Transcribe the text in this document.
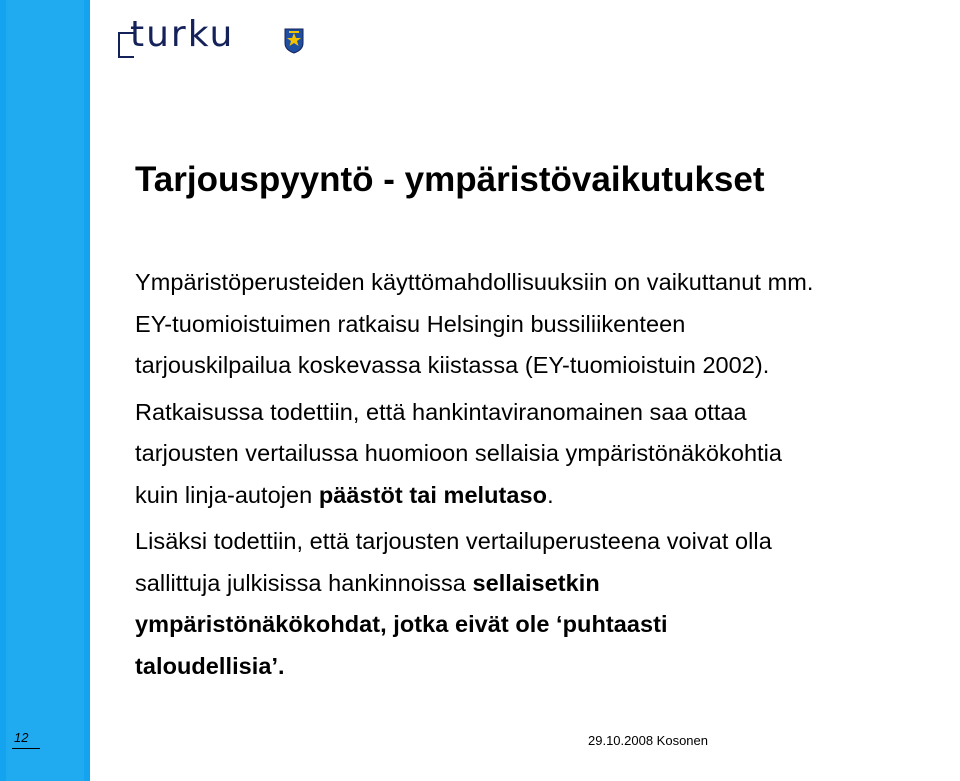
turku
Tarjouspyyntö - ympäristövaikutukset
Ympäristöperusteiden käyttömahdollisuuksiin on vaikuttanut mm.
EY-tuomioistuimen ratkaisu Helsingin bussiliikenteen
tarjouskilpailua koskevassa kiistassa (EY-tuomioistuin 2002).
Ratkaisussa todettiin, että hankintaviranomainen saa ottaa
tarjousten vertailussa huomioon sellaisia ympäristönäkökohtia
kuin linja-autojen päästöt tai melutaso.
Lisäksi todettiin, että tarjousten vertailuperusteena voivat olla
sallittuja julkisissa hankinnoissa sellaisetkin
ympäristönäkökohdat, jotka eivät ole ‘puhtaasti
taloudellisia’.
12	29.10.2008 Kosonen
